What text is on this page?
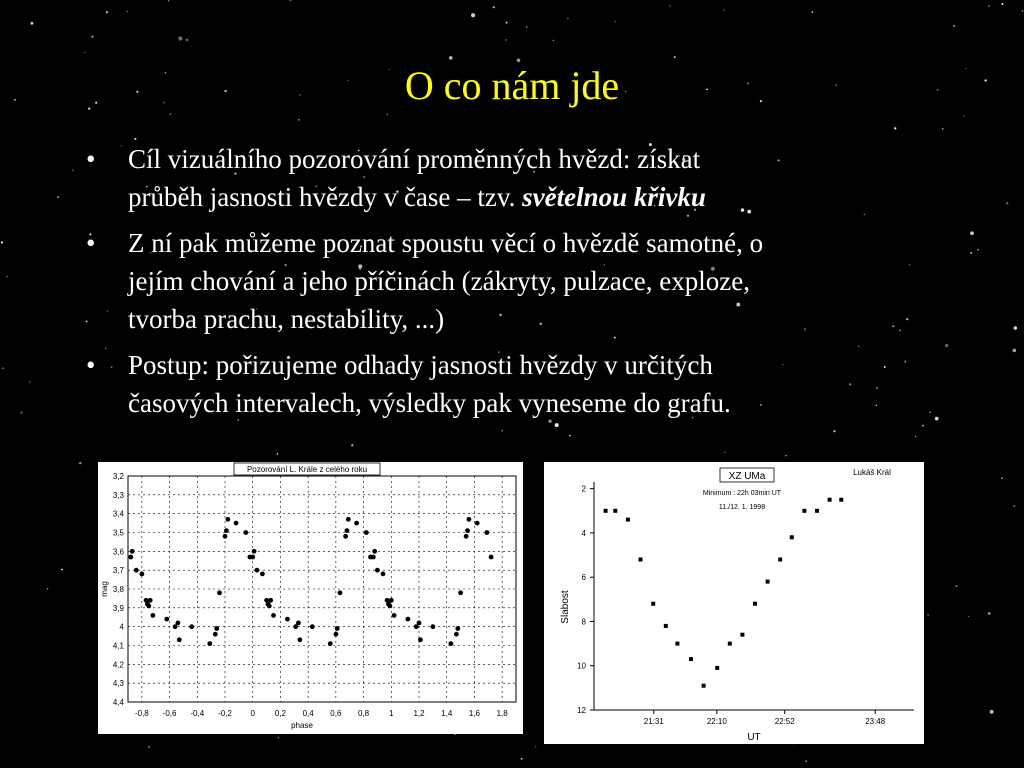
O co nám jde
• Cíl vizuálního pozorování proměnných hvězd: získat
průběh jasnosti hvězdy v čase – tzv. světelnou křivku
• Z ní pak můžeme poznat spoustu věcí o hvězdě samotné, o
jejím chování a jeho příčinách (zákryty, pulzace, exploze,
tvorba prachu, nestability, ...)
• Postup: pořizujeme odhady jasnosti hvězdy v určitých
časových intervalech, výsledky pak vyneseme do grafu.
-0,8 -0,6 -0,4 -0,2 0 0,2 0,4 0,6 0,8 1 1,2 1,4 1,6 1,8
3,2
3,3
3,4
3,5
3,6
3,7
3,8
3,9
4
4,1
4,2
4,3
4,4
phase
mag
Pozorování L. Krále z celého roku
2
4
6
8
10
12
21:31	22:10	22:52	23:48
UT
Slabost
XZ UMa	Lukáš Král
Minimum : 22h 03min UT
11./12. 1. 1998
